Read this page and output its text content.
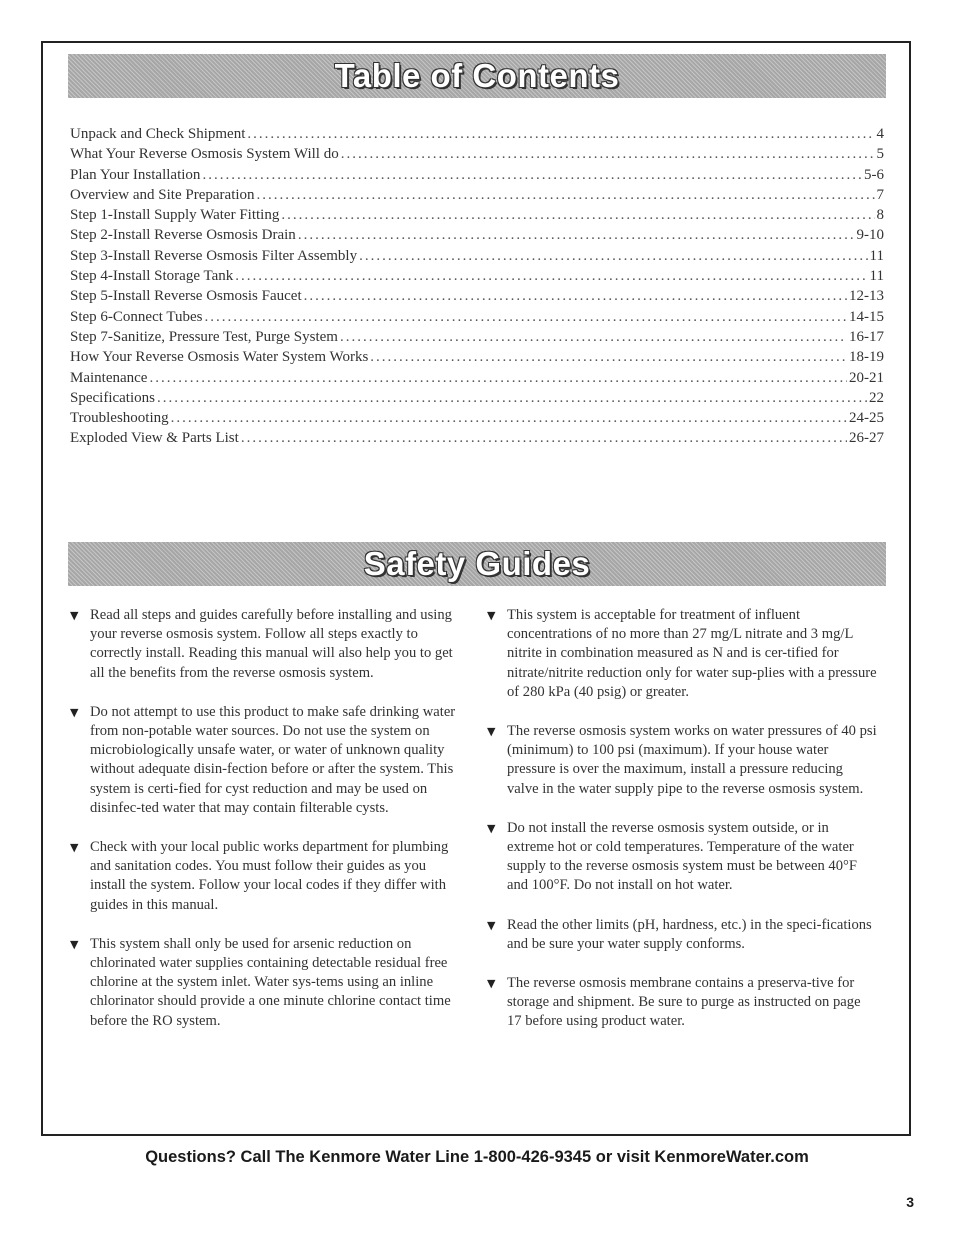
Table of Contents
Unpack and Check Shipment .....	4
What Your Reverse Osmosis System Will do .....	5
Plan Your Installation .....	5-6
Overview and Site Preparation .....	7
Step 1-Install Supply Water Fitting .....	8
Step 2-Install Reverse Osmosis Drain .....	9-10
Step 3-Install Reverse Osmosis Filter Assembly .....	11
Step 4-Install Storage Tank .....	11
Step 5-Install Reverse Osmosis Faucet .....	12-13
Step 6-Connect Tubes .....	14-15
Step 7-Sanitize, Pressure Test, Purge System .....	16-17
How Your Reverse Osmosis Water System Works .....	18-19
Maintenance .....	20-21
Specifications .....	22
Troubleshooting .....	24-25
Exploded View & Parts List .....	26-27
Safety Guides
▼ Read all steps and guides carefully before installing and using your reverse osmosis system. Follow all steps exactly to correctly install. Reading this manual will also help you to get all the benefits from the reverse osmosis system.
▼ Do not attempt to use this product to make safe drinking water from non-potable water sources. Do not use the system on microbiologically unsafe water, or water of unknown quality without adequate disin-fection before or after the system. This system is certi-fied for cyst reduction and may be used on disinfec-ted water that may contain filterable cysts.
▼ Check with your local public works department for plumbing and sanitation codes. You must follow their guides as you install the system. Follow your local codes if they differ with guides in this manual.
▼ This system shall only be used for arsenic reduction on chlorinated water supplies containing detectable residual free chlorine at the system inlet. Water sys-tems using an inline chlorinator should provide a one minute chlorine contact time before the RO system.
▼ This system is acceptable for treatment of influent concentrations of no more than 27 mg/L nitrate and 3 mg/L nitrite in combination measured as N and is cer-tified for nitrate/nitrite reduction only for water sup-plies with a pressure of 280 kPa (40 psig) or greater.
▼ The reverse osmosis system works on water pressures of 40 psi (minimum) to 100 psi (maximum). If your house water pressure is over the maximum, install a pressure reducing valve in the water supply pipe to the reverse osmosis system.
▼ Do not install the reverse osmosis system outside, or in extreme hot or cold temperatures. Temperature of the water supply to the reverse osmosis system must be between 40°F and 100°F. Do not install on hot water.
▼ Read the other limits (pH, hardness, etc.) in the speci-fications and be sure your water supply conforms.
▼ The reverse osmosis membrane contains a preserva-tive for storage and shipment. Be sure to purge as instructed on page 17 before using product water.
Questions? Call The Kenmore Water Line 1-800-426-9345 or visit KenmoreWater.com
3
